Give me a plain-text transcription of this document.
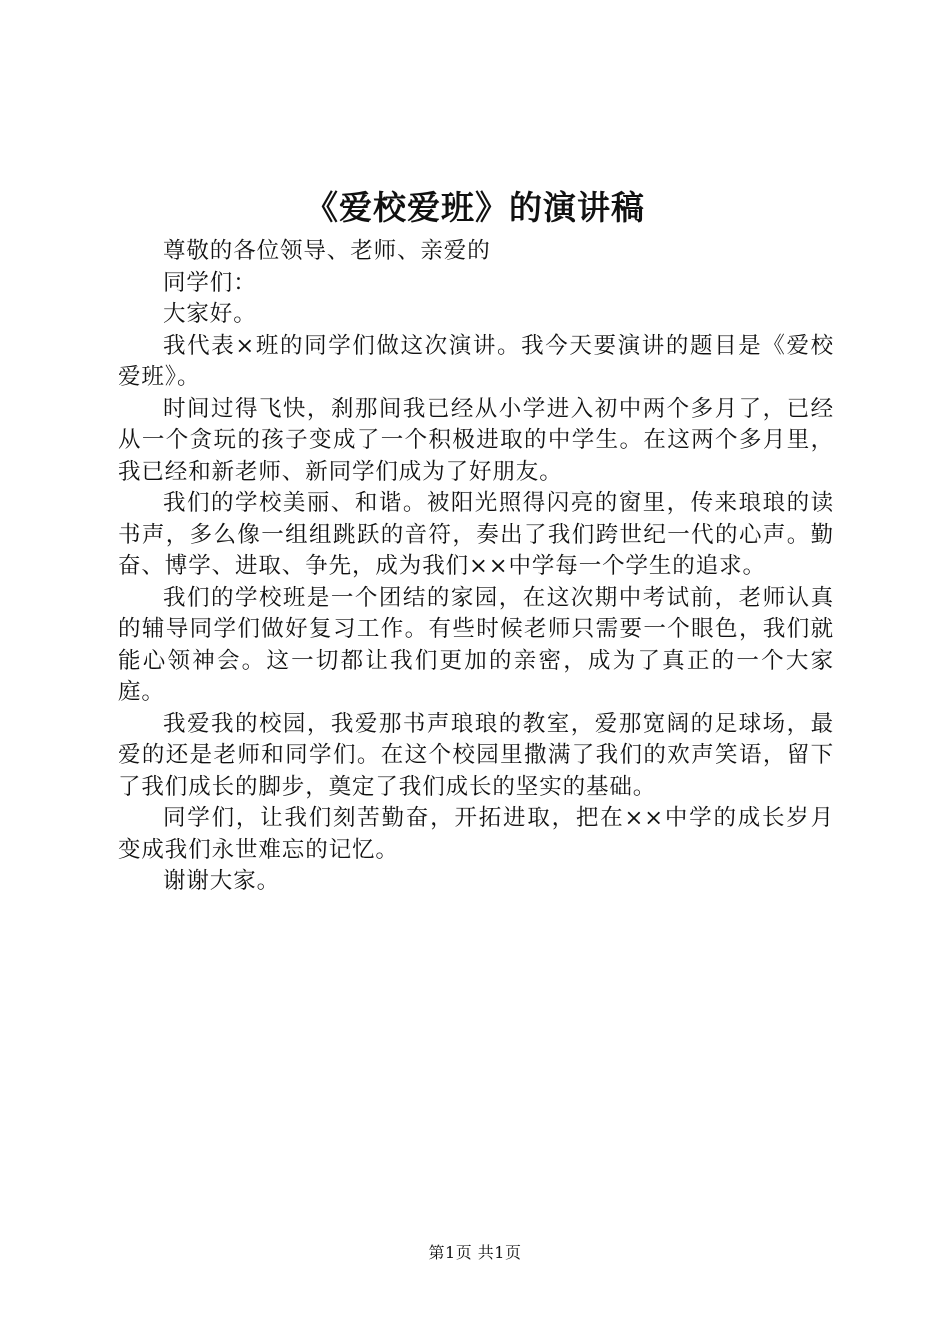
《爱校爱班》的演讲稿

尊敬的各位领导、老师、亲爱的

同学们：

大家好。

我代表×班的同学们做这次演讲。我今天要演讲的题目是《爱校爱班》。

时间过得飞快，刹那间我已经从小学进入初中两个多月了，已经从一个贪玩的孩子变成了一个积极进取的中学生。在这两个多月里，我已经和新老师、新同学们成为了好朋友。

我们的学校美丽、和谐。被阳光照得闪亮的窗里，传来琅琅的读书声，多么像一组组跳跃的音符，奏出了我们跨世纪一代的心声。勤奋、博学、进取、争先，成为我们××中学每一个学生的追求。

我们的学校班是一个团结的家园，在这次期中考试前，老师认真的辅导同学们做好复习工作。有些时候老师只需要一个眼色，我们就能心领神会。这一切都让我们更加的亲密，成为了真正的一个大家庭。

我爱我的校园，我爱那书声琅琅的教室，爱那宽阔的足球场，最爱的还是老师和同学们。在这个校园里撒满了我们的欢声笑语，留下了我们成长的脚步，奠定了我们成长的坚实的基础。

同学们，让我们刻苦勤奋，开拓进取，把在××中学的成长岁月变成我们永世难忘的记忆。

谢谢大家。

第1页 共1页
